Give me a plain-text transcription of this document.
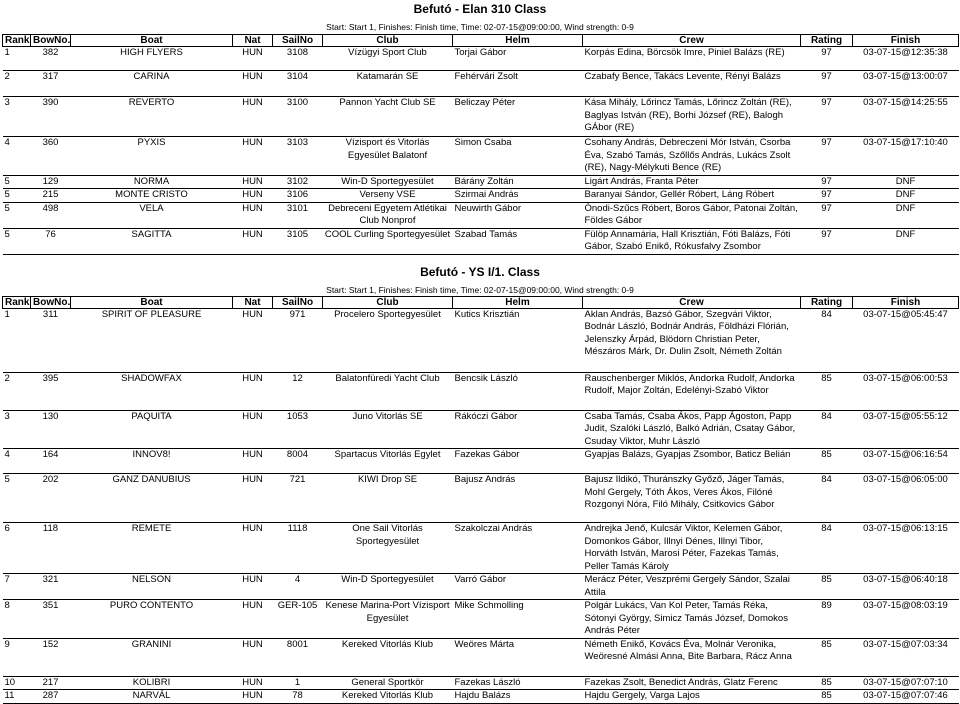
Befutó - Elan 310 Class
Start: Start 1, Finishes: Finish time, Time: 02-07-15@09:00:00, Wind strength: 0-9
Rank	BowNo.	Boat	Nat	SailNo	Club	Helm	Crew	Rating	Finish
1	382	HIGH FLYERS	HUN	3108	Vízügyi Sport Club	Torjai Gábor	Korpás Edina, Börcsök Imre, Piniel Balázs (RE)	97	03-07-15@12:35:38
2	317	CARINA	HUN	3104	Katamarán SE	Fehérvári Zsolt	Czabafy Bence, Takács Levente, Rényi Balázs	97	03-07-15@13:00:07
3	390	REVERTO	HUN	3100	Pannon Yacht Club SE	Beliczay Péter	Kása Mihály, Lőrincz Tamás, Lőrincz Zoltán (RE), Baglyas István (RE), Borhi József (RE), Balogh GÁbor (RE)	97	03-07-15@14:25:55
4	360	PYXIS	HUN	3103	Vízisport és Vitorlás Egyesület Balatonf	Simon Csaba	Csohany András, Debreczeni Mór István, Csorba Éva, Szabó Tamás, Szőllős András, Lukács Zsolt (RE), Nagy-Mélykuti Bence (RE)	97	03-07-15@17:10:40
5	129	NORMA	HUN	3102	Win-D Sportegyesület	Bárány Zoltán	Ligárt András, Franta Péter	97	DNF
5	215	MONTE CRISTO	HUN	3106	Verseny VSE	Szirmai András	Baranyai Sándor, Gellér Róbert, Láng Róbert	97	DNF
5	498	VELA	HUN	3101	Debreceni Egyetem Atlétikai Club Nonprof	Neuwirth Gábor	Ónodi-Szűcs Róbert, Boros Gábor, Patonai Zoltán, Földes Gábor	97	DNF
5	76	SAGITTA	HUN	3105	COOL Curling Sportegyesület	Szabad Tamás	Fülöp Annamária, Hall Krisztián, Fóti Balázs, Fóti Gábor, Szabó Enikő, Rókusfalvy Zsombor	97	DNF
Befutó - YS I/1. Class
Start: Start 1, Finishes: Finish time, Time: 02-07-15@09:00:00, Wind strength: 0-9
Rank	BowNo.	Boat	Nat	SailNo	Club	Helm	Crew	Rating	Finish
1	311	SPIRIT OF PLEASURE	HUN	971	Procelero Sportegyesület	Kutics Krisztián	Aklan András, Bazsó Gábor, Szegvári Viktor, Bodnár László, Bodnár András, Földházi Flórián, Jelenszky Árpád, Blödorn Christian Peter, Mészáros Márk, Dr. Dulin Zsolt, Németh Zoltán	84	03-07-15@05:45:47
2	395	SHADOWFAX	HUN	12	Balatonfüredi Yacht Club	Bencsik László	Rauschenberger Miklós, Andorka Rudolf, Andorka Rudolf, Major Zoltán, Edelényi-Szabó Viktor	85	03-07-15@06:00:53
3	130	PAQUITA	HUN	1053	Juno Vitorlás SE	Rákóczi Gábor	Csaba Tamás, Csaba Ákos, Papp Ágoston, Papp Judit, Szalóki László, Balkó Adrián, Csatay Gábor, Csuday Viktor, Muhr László	84	03-07-15@05:55:12
4	164	INNOV8!	HUN	8004	Spartacus Vitorlás Egylet	Fazekas Gábor	Gyapjas Balázs, Gyapjas Zsombor, Baticz Belián	85	03-07-15@06:16:54
5	202	GANZ DANUBIUS	HUN	721	KIWI Drop SE	Bajusz András	Bajusz Ildikó, Thuránszky Győző, Jáger Tamás, Mohl Gergely, Tóth Ákos, Veres Ákos, Filóné Rozgonyi Nóra, Filó Mihály, Csitkovics Gábor	84	03-07-15@06:05:00
6	118	REMETE	HUN	1118	One Sail Vitorlás Sportegyesület	Szakolczai András	Andrejka Jenő, Kulcsár Viktor, Kelemen Gábor, Domonkos Gábor, Illnyi Dénes, Illnyi Tibor, Horváth István, Marosi Péter, Fazekas Tamás, Peller Tamás Károly	84	03-07-15@06:13:15
7	321	NELSON	HUN	4	Win-D Sportegyesület	Varró Gábor	Merácz Péter, Veszprémi Gergely Sándor, Szalai Attila	85	03-07-15@06:40:18
8	351	PURO CONTENTO	HUN	GER-105	Kenese Marina-Port Vízisport Egyesület	Mike Schmolling	Polgár Lukács, Van Kol Peter, Tamás Réka, Sótonyi György, Simicz Tamás József, Domokos András Péter	89	03-07-15@08:03:19
9	152	GRANINI	HUN	8001	Kereked Vitorlás Klub	Weöres Márta	Németh Enikő, Kovács Éva, Molnár Veronika, Weöresné Almási Anna, Bite Barbara, Rácz Anna	85	03-07-15@07:03:34
10	217	KOLIBRI	HUN	1	General Sportkör	Fazekas László	Fazekas Zsolt, Benedict András, Glatz Ferenc	85	03-07-15@07:07:10
11	287	NARVÁL	HUN	78	Kereked Vitorlás Klub	Hajdu Balázs	Hajdu Gergely, Varga Lajos	85	03-07-15@07:07:46
